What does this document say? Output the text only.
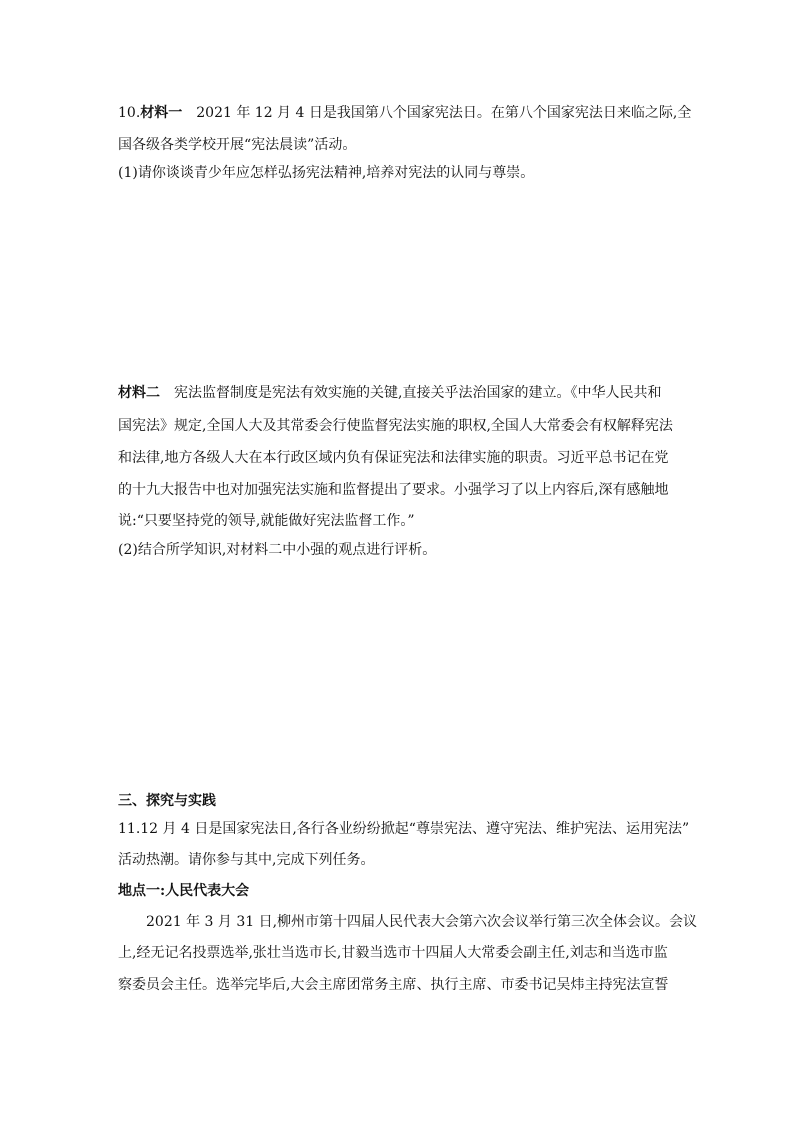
10.材料一 2021 年 12 月 4 日是我国第八个国家宪法日。在第八个国家宪法日来临之际,全
国各级各类学校开展“宪法晨读”活动。
(1)请你谈谈青少年应怎样弘扬宪法精神,培养对宪法的认同与尊崇。
材料二 宪法监督制度是宪法有效实施的关键,直接关乎法治国家的建立。《中华人民共和
国宪法》规定,全国人大及其常委会行使监督宪法实施的职权,全国人大常委会有权解释宪法
和法律,地方各级人大在本行政区域内负有保证宪法和法律实施的职责。习近平总书记在党
的十九大报告中也对加强宪法实施和监督提出了要求。小强学习了以上内容后,深有感触地
说:“只要坚持党的领导,就能做好宪法监督工作。”
(2)结合所学知识,对材料二中小强的观点进行评析。
三、探究与实践
11.12 月 4 日是国家宪法日,各行各业纷纷掀起“尊崇宪法、遵守宪法、维护宪法、运用宪法”
活动热潮。请你参与其中,完成下列任务。
地点一:人民代表大会
2021 年 3 月 31 日,柳州市第十四届人民代表大会第六次会议举行第三次全体会议。会议
上,经无记名投票选举,张壮当选市长,甘毅当选市十四届人大常委会副主任,刘志和当选市监
察委员会主任。选举完毕后,大会主席团常务主席、执行主席、市委书记吴炜主持宪法宣誓
